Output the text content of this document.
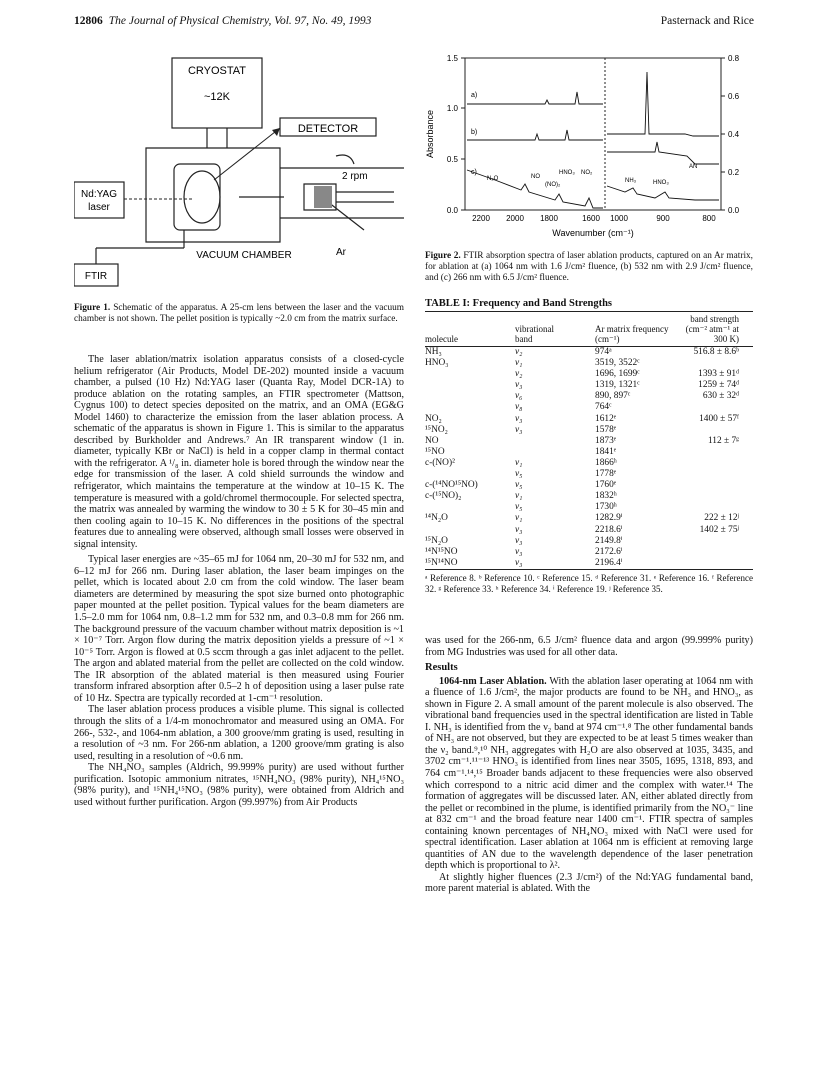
12806 The Journal of Physical Chemistry, Vol. 97, No. 49, 1993	Pasternack and Rice
CRYOSTAT
~12K
DETECTOR
2 rpm
Nd:YAG
laser
VACUUM CHAMBER	Ar
FTIR
Figure 1. Schematic of the apparatus. A 25-cm lens between the laser and the vacuum chamber is not shown. The pellet position is typically ~2.0 cm from the matrix surface.

The laser ablation/matrix isolation apparatus consists of a closed-cycle helium refrigerator (Air Products, Model DE-202) mounted inside a vacuum chamber, a pulsed (10 Hz) Nd:YAG laser (Quanta Ray, Model DCR-1A) to produce ablation on the rotating samples, an FTIR spectrometer (Mattson, Cygnus 100) to detect species deposited on the matrix, and an OMA (EG&G Model 1460) to characterize the emission from the laser ablation process. A schematic of the apparatus is shown in Figure 1. This is similar to the apparatus described by Burkholder and Andrews.⁷ An IR transparent window (1 in. diameter, typically KBr or NaCl) is held in a copper clamp in thermal contact with the refrigerator. A ¹/₈ in. diameter hole is bored through the window near the edge for transmission of the laser. A cold shield surrounds the window and refrigerator, which maintains the temperature at the window at 10–15 K. The temperature is measured with a gold/chromel thermocouple. For selected spectra, the matrix was annealed by warming the window to 30 ± 5 K for 30–45 min and then cooling again to 10–15 K. No differences in the positions of the spectral features due to annealing were observed, although small losses were observed in signal intensity.

Typical laser energies are ~35–65 mJ for 1064 nm, 20–30 mJ for 532 nm, and 6–12 mJ for 266 nm. During laser ablation, the laser beam impinges on the pellet, which is located about 2.0 cm from the cold window. The laser beam diameters are determined by measuring the spot size burned onto photographic paper mounted at the pellet position. Typical values for the beam diameters are 1.5–2.0 mm for 1064 nm, 0.8–1.2 mm for 532 nm, and 0.3–0.8 mm for 266 nm. The background pressure of the vacuum chamber without matrix deposition is ~1 × 10⁻⁷ Torr. Argon flow during the matrix deposition yields a pressure of ~1 × 10⁻⁵ Torr. Argon is flowed at 0.5 sccm through a gas inlet adjacent to the pellet. The argon and ablated material from the pellet are collected on the cold window. The IR absorption of the ablated material is then measured using Fourier transform infrared absorption after 0.5–2 h of deposition using a laser pulse rate of 10 Hz. Spectra are typically recorded at 1-cm⁻¹ resolution.

The laser ablation process produces a visible plume. This signal is collected through the slits of a 1/4-m monochromator and measured using an OMA. For 266-, 532-, and 1064-nm ablation, a 300 groove/mm grating is used, resulting in a resolution of ~3 nm. For 266-nm ablation, a 1200 groove/mm grating is also used, resulting in a resolution of ~0.6 nm.

The NH₄NO₃ samples (Aldrich, 99.999% purity) are used without further purification. Isotopic ammonium nitrates, ¹⁵NH₄NO₃ (98% purity), NH₄¹⁵NO₃ (98% purity), and ¹⁵NH₄¹⁵NO₃ (98% purity), were obtained from Aldrich and used without further purification. Argon (99.997%) from Air Products

Absorbance
0.0
0.5
1.0
1.5
0.0
0.2
0.4
0.6
0.8
2200 2000 1800	1600 1000	900	800
Wavenumber (cm⁻¹)
a)
b)
c)
N₂O	NO
(NO)₂
HNO₃ NO₂
NH₃	HNO₃
AN
Figure 2. FTIR absorption spectra of laser ablation products, captured on an Ar matrix, for ablation at (a) 1064 nm with 1.6 J/cm² fluence, (b) 532 nm with 2.9 J/cm² fluence, and (c) 266 nm with 6.5 J/cm² fluence.
TABLE I: Frequency and Band Strengths
molecule	vibrational band	Ar matrix frequency (cm⁻¹)	band strength (cm⁻² atm⁻¹ at 300 K)
NH₃	ν₂	974ᵃ	516.8 ± 8.6ᵇ
HNO₃	ν₁	3519, 3522ᶜ	
	ν₂	1696, 1699ᶜ	1393 ± 91ᵈ
	ν₃	1319, 1321ᶜ	1259 ± 74ᵈ
	ν₆	890, 897ᶜ	630 ± 32ᵈ
	ν₈	764ᶜ	
NO₂	ν₃	1612ᵉ	1400 ± 57ᶠ
¹⁵NO₂	ν₃	1578ᵉ	
NO		1873ᵉ	112 ± 7ᵍ
¹⁵NO		1841ᵉ	
c-(NO)²	ν₁	1866ʰ	
	ν₅	1778ᵉ	
c-(¹⁴NO¹⁵NO)	ν₅	1760ᵉ	
c-(¹⁵NO)₂	ν₁	1832ʰ	
	ν₅	1730ʰ	
¹⁴N₂O	ν₁	1282.9ⁱ	222 ± 12ʲ
	ν₃	2218.6ⁱ	1402 ± 75ʲ
¹⁵N₂O	ν₃	2149.8ⁱ	
¹⁴N¹⁵NO	ν₃	2172.6ⁱ	
¹⁵N¹⁴NO	ν₃	2196.4ⁱ	
ᵃ Reference 8. ᵇ Reference 10. ᶜ Reference 15. ᵈ Reference 31. ᵉ Reference 16. ᶠ Reference 32. ᵍ Reference 33. ʰ Reference 34. ⁱ Reference 19. ʲ Reference 35.

was used for the 266-nm, 6.5 J/cm² fluence data and argon (99.999% purity) from MG Industries was used for all other data.

Results

1064-nm Laser Ablation. With the ablation laser operating at 1064 nm with a fluence of 1.6 J/cm², the major products are found to be NH₃ and HNO₃, as shown in Figure 2. A small amount of the parent molecule is also observed. The vibrational band frequencies used in the spectral identification are listed in Table I. NH₃ is identified from the ν₂ band at 974 cm⁻¹.⁸ The other fundamental bands of NH₃ are not observed, but they are expected to be at least 5 times weaker than the ν₂ band.⁹,¹⁰ NH₃ aggregates with H₂O are also observed at 1035, 3435, and 3702 cm⁻¹.¹¹⁻¹³ HNO₃ is identified from lines near 3505, 1695, 1318, 893, and 764 cm⁻¹.¹⁴,¹⁵ Broader bands adjacent to these frequencies were also observed which correspond to a nitric acid dimer and the complex with water.¹⁴ The formation of aggregates will be discussed later. AN, either ablated directly from the pellet or recombined in the plume, is identified primarily from the NO₃⁻ line at 832 cm⁻¹ and the broad feature near 1400 cm⁻¹. FTIR spectra of samples containing known percentages of NH₄NO₃ mixed with NaCl were used for spectral identification. Laser ablation at 1064 nm is efficient at removing large quantities of AN due to the wavelength dependence of the laser penetration depth which is proportional to λ².

At slightly higher fluences (2.3 J/cm²) of the Nd:YAG fundamental band, more parent material is ablated. With the
